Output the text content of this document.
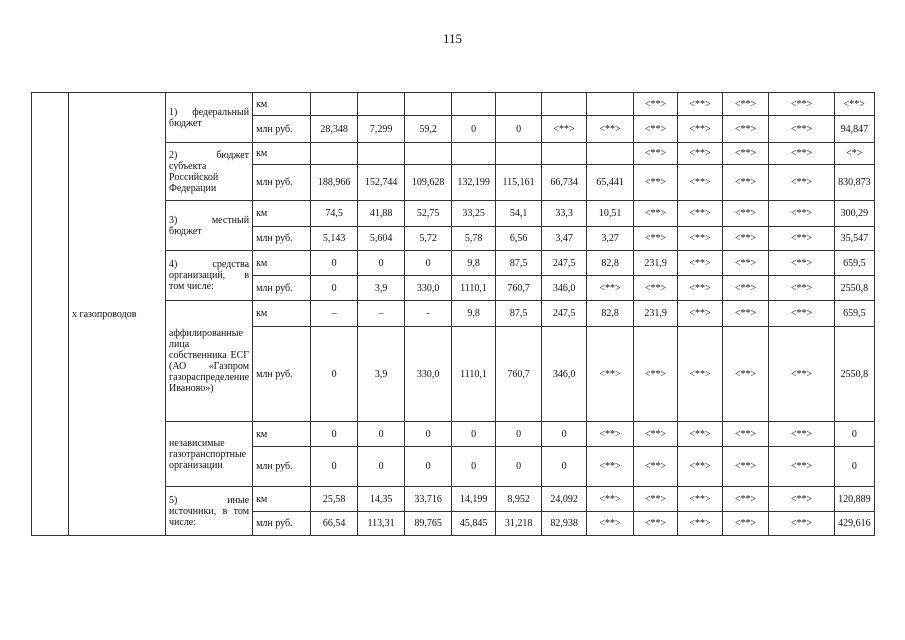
115
	х газопроводов	1) федеральный бюджет	км								<**>	<**>	<**>	<**>	<**>
			млн руб.	28,348	7,299	59,2	0	0	<**>	<**>	<**>	<**>	<**>	<**>	94,847
		2) бюджет субъекта Российской Федерации	км								<**>	<**>	<**>	<**>	<*>
			млн руб.	188,966	152,744	109,628	132,199	115,161	66,734	65,441	<**>	<**>	<**>	<**>	830,873
		3) местный бюджет	км	74,5	41,88	52,75	33,25	54,1	33,3	10,51	<**>	<**>	<**>	<**>	300,29
			млн руб.	5,143	5,604	5,72	5,78	6,56	3,47	3,27	<**>	<**>	<**>	<**>	35,547
		4) средства организаций, в том числе:	км	0	0	0	9,8	87,5	247,5	82,8	231,9	<**>	<**>	<**>	659,5
			млн руб.	0	3,9	330,0	1110,1	760,7	346,0	<**>	<**>	<**>	<**>	<**>	2550,8
		аффилированные лица собственника ЕСГ (АО «Газпром газораспределение Иваново»)	км	–	–	-	9,8	87,5	247,5	82,8	231,9	<**>	<**>	<**>	659,5
			млн руб.	0	3,9	330,0	1110,1	760,7	346,0	<**>	<**>	<**>	<**>	<**>	2550,8
		независимые газотранспортные организации	км	0	0	0	0	0	0	<**>	<**>	<**>	<**>	<**>	0
			млн руб.	0	0	0	0	0	0	<**>	<**>	<**>	<**>	<**>	0
		5) иные источники, в том числе:	км	25,58	14,35	33,716	14,199	8,952	24,092	<**>	<**>	<**>	<**>	<**>	120,889
			млн руб.	66,54	113,31	89,765	45,845	31,218	82,938	<**>	<**>	<**>	<**>	<**>	429,616
